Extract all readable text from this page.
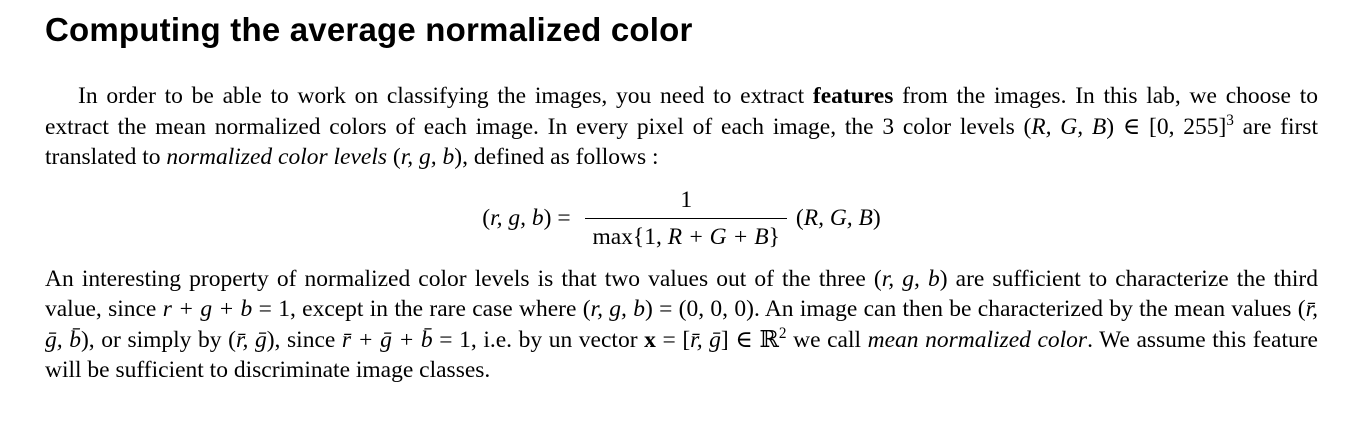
Computing the average normalized color

In order to be able to work on classifying the images, you need to extract features from the images. In this lab, we choose to extract the mean normalized colors of each image. In every pixel of each image, the 3 color levels (R, G, B) ∈ [0, 255]$^3$ are first translated to normalized color levels (r, g, b), defined as follows :

(r, g, $b) = \frac{1}{\max\{1, R + G + B\}} (R$, G, B)

An interesting property of normalized color levels is that two values out of the three (r, g, b) are sufficient to characterize the third value, since r + g + b = 1, except in the rare case where (r, g, b) = (0, 0, 0). An image can then be characterized by the mean values (r̄, ḡ, b̄), or simply by (r̄, ḡ), since r̄ + ḡ + b̄ = 1, i.e. by un vector x = [r̄, ḡ] ∈ ℝ$^2$ we call mean normalized color. We assume this feature will be sufficient to discriminate image classes.
